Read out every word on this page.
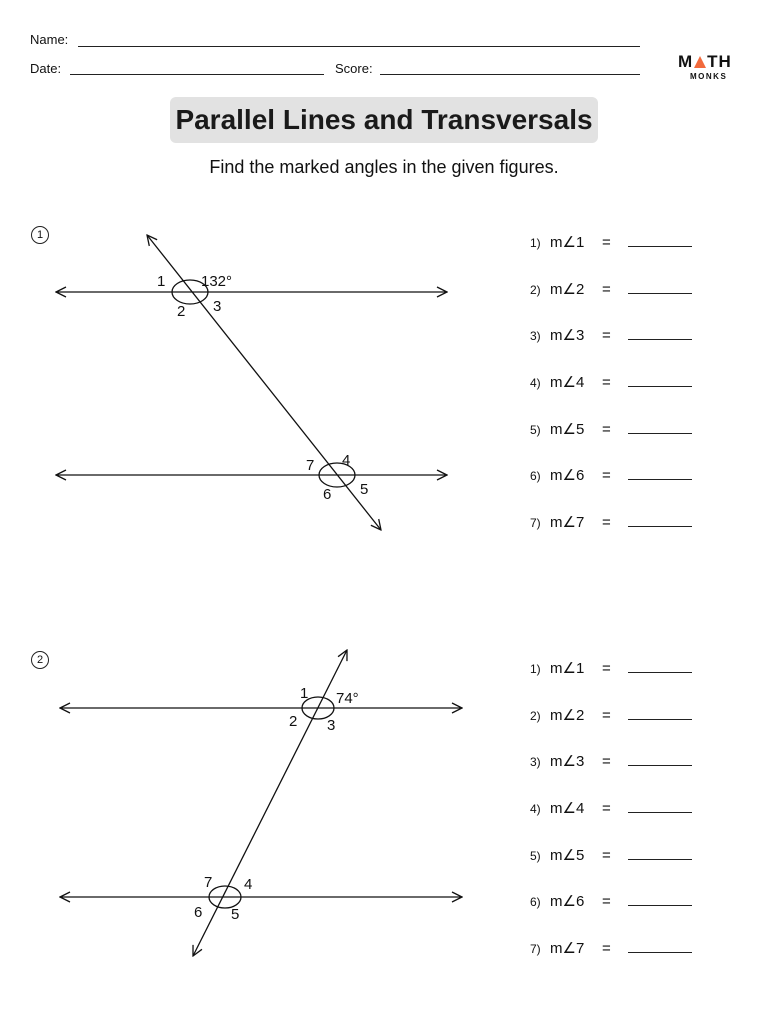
Name:
Date:	Score:	M TH
MONKS
Parallel Lines and Transversals
Find the marked angles in the given figures.
1
2
1 132°
2 3
4
5
6
7
1 74°
2 3
4
5
6
7
1) m∠1	=
2) m∠2	=
3) m∠3	=
4) m∠4	=
5) m∠5	=
6) m∠6	=
7) m∠7	=
1) m∠1	=
2) m∠2	=
3) m∠3	=
4) m∠4	=
5) m∠5	=
6) m∠6	=
7) m∠7	=
